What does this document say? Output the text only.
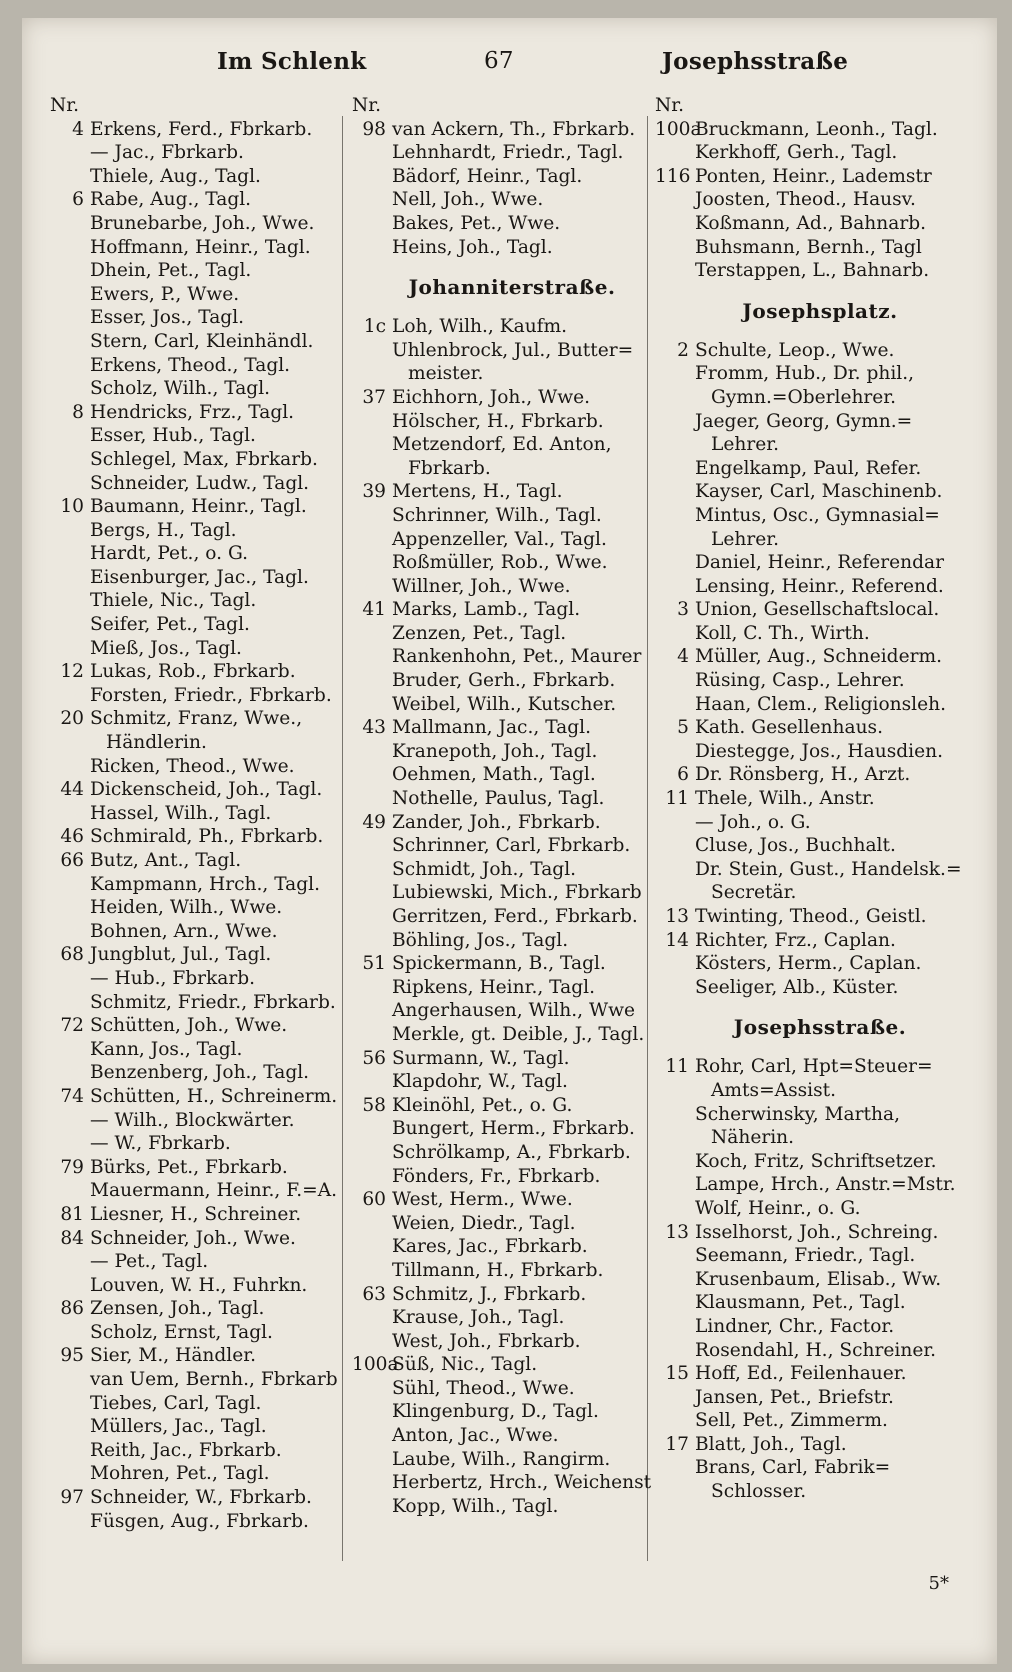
Im Schlenk	67	Josephsstraße
Nr.
4 Erkens, Ferd., Fbrkarb.
— Jac., Fbrkarb.
Thiele, Aug., Tagl.
6 Rabe, Aug., Tagl.
Brunebarbe, Joh., Wwe.
Hoffmann, Heinr., Tagl.
Dhein, Pet., Tagl.
Ewers, P., Wwe.
Esser, Jos., Tagl.
Stern, Carl, Kleinhändl.
Erkens, Theod., Tagl.
Scholz, Wilh., Tagl.
8 Hendricks, Frz., Tagl.
Esser, Hub., Tagl.
Schlegel, Max, Fbrkarb.
Schneider, Ludw., Tagl.
10 Baumann, Heinr., Tagl.
Bergs, H., Tagl.
Hardt, Pet., o. G.
Eisenburger, Jac., Tagl.
Thiele, Nic., Tagl.
Seifer, Pet., Tagl.
Mieß, Jos., Tagl.
12 Lukas, Rob., Fbrkarb.
Forsten, Friedr., Fbrkarb.
20 Schmitz, Franz, Wwe.,
Händlerin.
Ricken, Theod., Wwe.
44 Dickenscheid, Joh., Tagl.
Hassel, Wilh., Tagl.
46 Schmirald, Ph., Fbrkarb.
66 Butz, Ant., Tagl.
Kampmann, Hrch., Tagl.
Heiden, Wilh., Wwe.
Bohnen, Arn., Wwe.
68 Jungblut, Jul., Tagl.
— Hub., Fbrkarb.
Schmitz, Friedr., Fbrkarb.
72 Schütten, Joh., Wwe.
Kann, Jos., Tagl.
Benzenberg, Joh., Tagl.
74 Schütten, H., Schreinerm.
— Wilh., Blockwärter.
— W., Fbrkarb.
79 Bürks, Pet., Fbrkarb.
Mauermann, Heinr., F.=A.
81 Liesner, H., Schreiner.
84 Schneider, Joh., Wwe.
— Pet., Tagl.
Louven, W. H., Fuhrkn.
86 Zensen, Joh., Tagl.
Scholz, Ernst, Tagl.
95 Sier, M., Händler.
van Uem, Bernh., Fbrkarb
Tiebes, Carl, Tagl.
Müllers, Jac., Tagl.
Reith, Jac., Fbrkarb.
Mohren, Pet., Tagl.
97 Schneider, W., Fbrkarb.
Füsgen, Aug., Fbrkarb.
Nr.
98 van Ackern, Th., Fbrkarb.
Lehnhardt, Friedr., Tagl.
Bädorf, Heinr., Tagl.
Nell, Joh., Wwe.
Bakes, Pet., Wwe.
Heins, Joh., Tagl.
Johanniterstraße.
1c Loh, Wilh., Kaufm.
Uhlenbrock, Jul., Butter=
meister.
37 Eichhorn, Joh., Wwe.
Hölscher, H., Fbrkarb.
Metzendorf, Ed. Anton,
Fbrkarb.
39 Mertens, H., Tagl.
Schrinner, Wilh., Tagl.
Appenzeller, Val., Tagl.
Roßmüller, Rob., Wwe.
Willner, Joh., Wwe.
41 Marks, Lamb., Tagl.
Zenzen, Pet., Tagl.
Rankenhohn, Pet., Maurer
Bruder, Gerh., Fbrkarb.
Weibel, Wilh., Kutscher.
43 Mallmann, Jac., Tagl.
Kranepoth, Joh., Tagl.
Oehmen, Math., Tagl.
Nothelle, Paulus, Tagl.
49 Zander, Joh., Fbrkarb.
Schrinner, Carl, Fbrkarb.
Schmidt, Joh., Tagl.
Lubiewski, Mich., Fbrkarb
Gerritzen, Ferd., Fbrkarb.
Böhling, Jos., Tagl.
51 Spickermann, B., Tagl.
Ripkens, Heinr., Tagl.
Angerhausen, Wilh., Wwe
Merkle, gt. Deible, J., Tagl.
56 Surmann, W., Tagl.
Klapdohr, W., Tagl.
58 Kleinöhl, Pet., o. G.
Bungert, Herm., Fbrkarb.
Schrölkamp, A., Fbrkarb.
Fönders, Fr., Fbrkarb.
60 West, Herm., Wwe.
Weien, Diedr., Tagl.
Kares, Jac., Fbrkarb.
Tillmann, H., Fbrkarb.
63 Schmitz, J., Fbrkarb.
Krause, Joh., Tagl.
West, Joh., Fbrkarb.
100a
Süß, Nic., Tagl.
Sühl, Theod., Wwe.
Klingenburg, D., Tagl.
Anton, Jac., Wwe.
Laube, Wilh., Rangirm.
Herbertz, Hrch., Weichenst
Kopp, Wilh., Tagl.
Nr.
100a
Bruckmann, Leonh., Tagl.
Kerkhoff, Gerh., Tagl.
116 Ponten, Heinr., Lademstr
Joosten, Theod., Hausv.
Koßmann, Ad., Bahnarb.
Buhsmann, Bernh., Tagl
Terstappen, L., Bahnarb.
Josephsplatz.
2 Schulte, Leop., Wwe.
Fromm, Hub., Dr. phil.,
Gymn.=Oberlehrer.
Jaeger, Georg, Gymn.=
Lehrer.
Engelkamp, Paul, Refer.
Kayser, Carl, Maschinenb.
Mintus, Osc., Gymnasial=
Lehrer.
Daniel, Heinr., Referendar
Lensing, Heinr., Referend.
3 Union, Gesellschaftslocal.
Koll, C. Th., Wirth.
4 Müller, Aug., Schneiderm.
Rüsing, Casp., Lehrer.
Haan, Clem., Religionsleh.
5 Kath. Gesellenhaus.
Diestegge, Jos., Hausdien.
6 Dr. Rönsberg, H., Arzt.
11 Thele, Wilh., Anstr.
— Joh., o. G.
Cluse, Jos., Buchhalt.
Dr. Stein, Gust., Handelsk.=
Secretär.
13 Twinting, Theod., Geistl.
14 Richter, Frz., Caplan.
Kösters, Herm., Caplan.
Seeliger, Alb., Küster.
Josephsstraße.
11 Rohr, Carl, Hpt=Steuer=
Amts=Assist.
Scherwinsky, Martha,
Näherin.
Koch, Fritz, Schriftsetzer.
Lampe, Hrch., Anstr.=Mstr.
Wolf, Heinr., o. G.
13 Isselhorst, Joh., Schreing.
Seemann, Friedr., Tagl.
Krusenbaum, Elisab., Ww.
Klausmann, Pet., Tagl.
Lindner, Chr., Factor.
Rosendahl, H., Schreiner.
15 Hoff, Ed., Feilenhauer.
Jansen, Pet., Briefstr.
Sell, Pet., Zimmerm.
17 Blatt, Joh., Tagl.
Brans, Carl, Fabrik=
Schlosser.
5*
